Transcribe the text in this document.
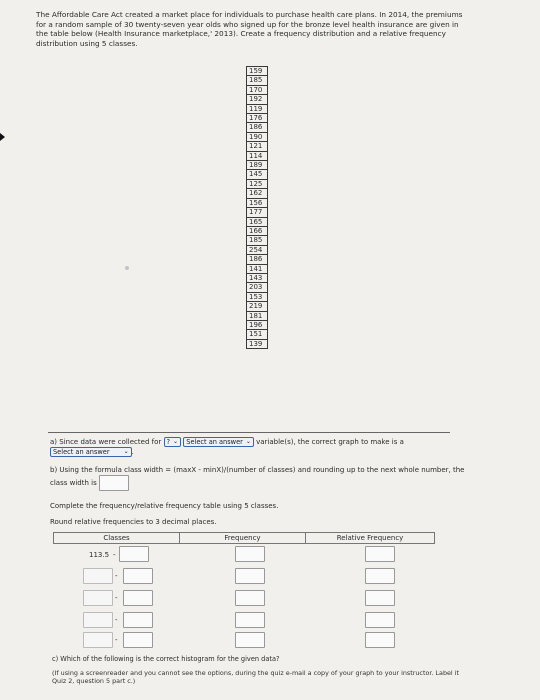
The Affordable Care Act created a market place for individuals to purchase health care plans. In 2014, the premiums for a random sample of 30 twenty-seven year olds who signed up for the bronze level health insurance are given in the table below (Health Insurance marketplace,' 2013). Create a frequency distribution and a relative frequency distribution using 5 classes.
159
185
170
192
119
176
186
190
121
114
189
145
125
162
156
177
165
166
185
254
186
141
143
203
153
219
181
196
151
139
a) Since data were collected for ? ⌄
Select an answer ⌄ variable(s), the correct graph to make is a

Select an answer ⌄ .
b) Using the formula class width = (maxX - minX)/(number of classes) and rounding up to the next whole number, the class width is
Complete the frequency/relative frequency table using 5 classes.
Round relative frequencies to 3 decimal places.
Classes	Frequency	Relative Frequency
113.5 -
-
-
-
-
c) Which of the following is the correct histogram for the given data?
(If using a screenreader and you cannot see the options, during the quiz e-mail a copy of your graph to your instructor. Label it Quiz 2, question 5 part c.)
